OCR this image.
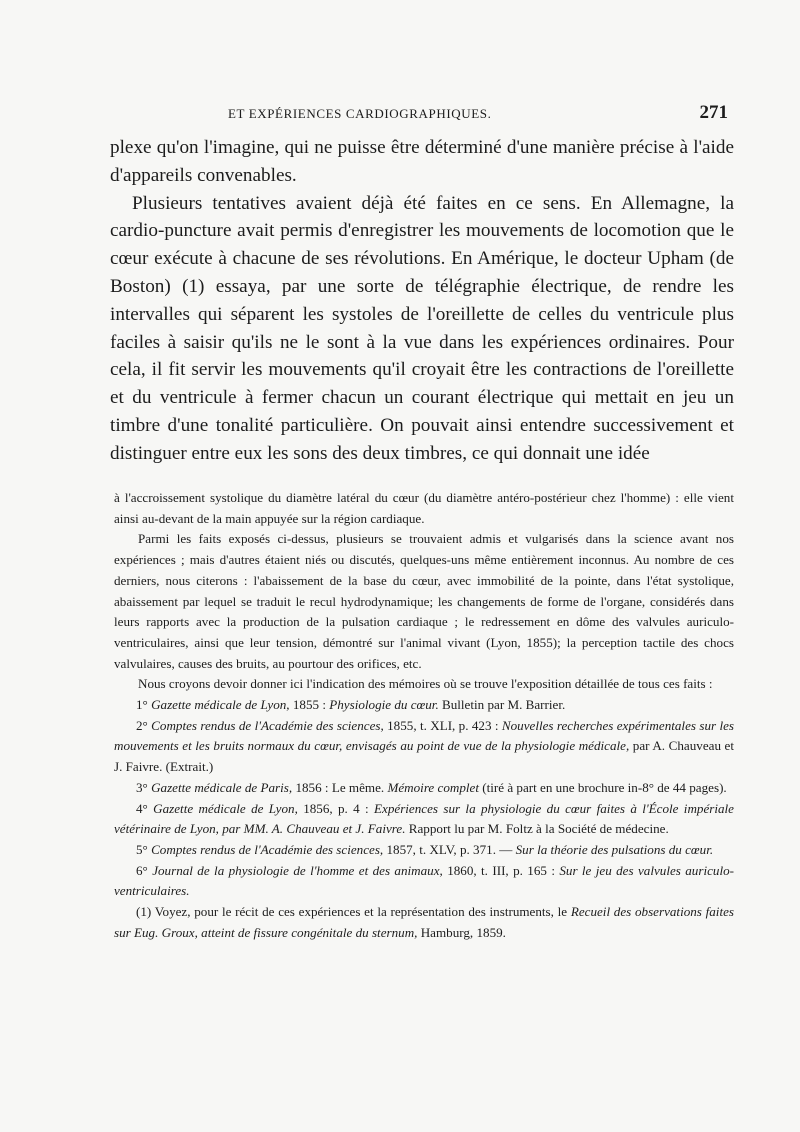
ET EXPÉRIENCES CARDIOGRAPHIQUES.	271

plexe qu'on l'imagine, qui ne puisse être déterminé d'une manière précise à l'aide d'appareils convenables.

Plusieurs tentatives avaient déjà été faites en ce sens. En Allemagne, la cardio-puncture avait permis d'enregistrer les mouvements de locomotion que le cœur exécute à chacune de ses révolutions. En Amérique, le docteur Upham (de Boston) (1) essaya, par une sorte de télégraphie électrique, de rendre les intervalles qui séparent les systoles de l'oreillette de celles du ventricule plus faciles à saisir qu'ils ne le sont à la vue dans les expériences ordinaires. Pour cela, il fit servir les mouvements qu'il croyait être les contractions de l'oreillette et du ventricule à fermer chacun un courant électrique qui mettait en jeu un timbre d'une tonalité particulière. On pouvait ainsi entendre successivement et distinguer entre eux les sons des deux timbres, ce qui donnait une idée

à l'accroissement systolique du diamètre latéral du cœur (du diamètre antéro-postérieur chez l'homme) : elle vient ainsi au-devant de la main appuyée sur la région cardiaque.

Parmi les faits exposés ci-dessus, plusieurs se trouvaient admis et vulgarisés dans la science avant nos expériences ; mais d'autres étaient niés ou discutés, quelques-uns même entièrement inconnus. Au nombre de ces derniers, nous citerons : l'abaissement de la base du cœur, avec immobilité de la pointe, dans l'état systolique, abaissement par lequel se traduit le recul hydrodynamique; les changements de forme de l'organe, considérés dans leurs rapports avec la production de la pulsation cardiaque ; le redressement en dôme des valvules auriculo-ventriculaires, ainsi que leur tension, démontré sur l'animal vivant (Lyon, 1855); la perception tactile des chocs valvulaires, causes des bruits, au pourtour des orifices, etc.

Nous croyons devoir donner ici l'indication des mémoires où se trouve l'exposition détaillée de tous ces faits :

1° Gazette médicale de Lyon, 1855 : Physiologie du cœur. Bulletin par M. Barrier.

2° Comptes rendus de l'Académie des sciences, 1855, t. XLI, p. 423 : Nouvelles recherches expérimentales sur les mouvements et les bruits normaux du cœur, envisagés au point de vue de la physiologie médicale, par A. Chauveau et J. Faivre. (Extrait.)

3° Gazette médicale de Paris, 1856 : Le même. Mémoire complet (tiré à part en une brochure in-8° de 44 pages).

4° Gazette médicale de Lyon, 1856, p. 4 : Expériences sur la physiologie du cœur faites à l'École impériale vétérinaire de Lyon, par MM. A. Chauveau et J. Faivre. Rapport lu par M. Foltz à la Société de médecine.

5° Comptes rendus de l'Académie des sciences, 1857, t. XLV, p. 371. — Sur la théorie des pulsations du cœur.

6° Journal de la physiologie de l'homme et des animaux, 1860, t. III, p. 165 : Sur le jeu des valvules auriculo-ventriculaires.

(1) Voyez, pour le récit de ces expériences et la représentation des instruments, le Recueil des observations faites sur Eug. Groux, atteint de fissure congénitale du sternum, Hamburg, 1859.
